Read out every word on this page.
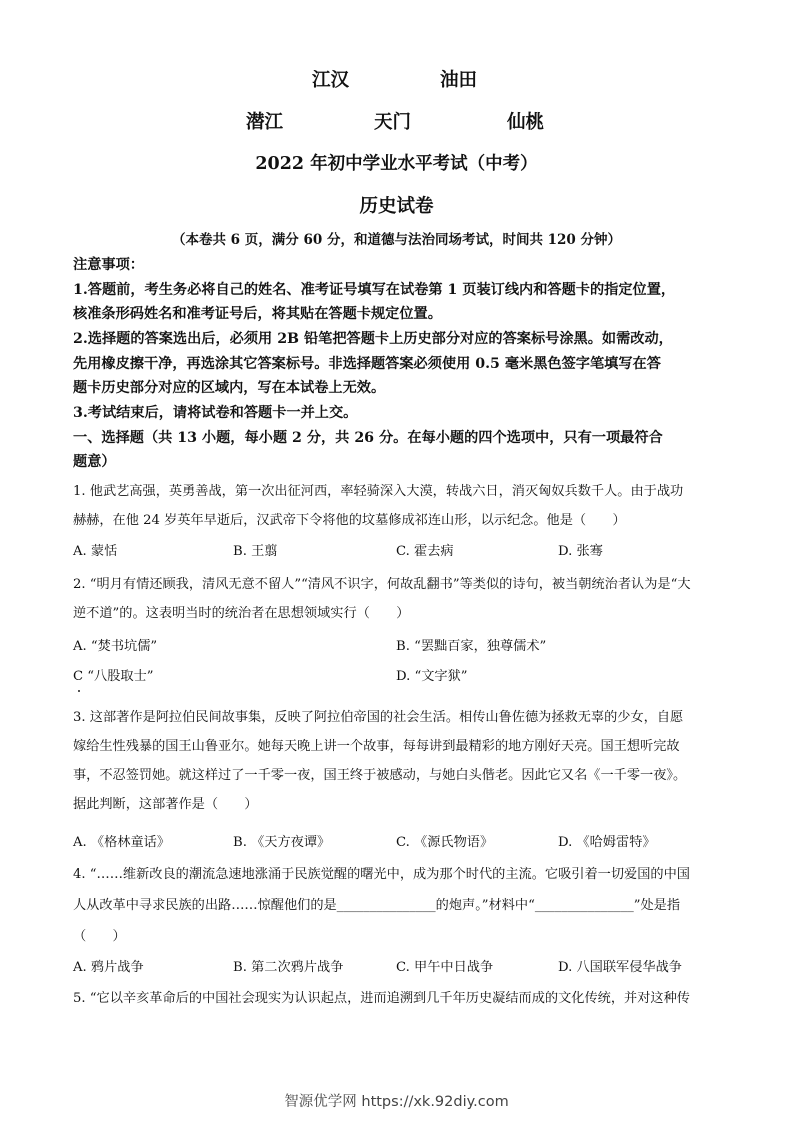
江汉	油田
潜江	天门	仙桃
2022 年初中学业水平考试（中考）
历史试卷
（本卷共 6 页，满分 60 分，和道德与法治同场考试，时间共 120 分钟）
注意事项：
1.答题前，考生务必将自己的姓名、准考证号填写在试卷第 1 页装订线内和答题卡的指定位置，
核准条形码姓名和准考证号后，将其贴在答题卡规定位置。
2.选择题的答案选出后，必须用 2B 铅笔把答题卡上历史部分对应的答案标号涂黑。如需改动，
先用橡皮擦干净，再选涂其它答案标号。非选择题答案必须使用 0.5 毫米黑色签字笔填写在答
题卡历史部分对应的区域内，写在本试卷上无效。
3.考试结束后，请将试卷和答题卡一并上交。
一、选择题（共 13 小题，每小题 2 分，共 26 分。在每小题的四个选项中，只有一项最符合
题意）
1. 他武艺高强，英勇善战，第一次出征河西，率轻骑深入大漠，转战六日，消灭匈奴兵数千人。由于战功
赫赫，在他 24 岁英年早逝后，汉武帝下令将他的坟墓修成祁连山形，以示纪念。他是（　　）
A. 蒙恬	B. 王翦	C. 霍去病	D. 张骞
2. “明月有情还顾我，清风无意不留人”“清风不识字，何故乱翻书”等类似的诗句，被当朝统治者认为是“大
逆不道”的。这表明当时的统治者在思想领域实行（　　）
A. “焚书坑儒”	B. “罢黜百家，独尊儒术”
C “八股取士”	D. “文字狱”
3. 这部著作是阿拉伯民间故事集，反映了阿拉伯帝国的社会生活。相传山鲁佐德为拯救无辜的少女，自愿
嫁给生性残暴的国王山鲁亚尔。她每天晚上讲一个故事，每每讲到最精彩的地方刚好天亮。国王想听完故
事，不忍签罚她。就这样过了一千零一夜，国王终于被感动，与她白头偕老。因此它又名《一千零一夜》。
据此判断，这部著作是（　　）
A. 《格林童话》	B. 《天方夜谭》	C. 《源氏物语》	D. 《哈姆雷特》
4. “……维新改良的潮流急速地涨涌于民族觉醒的曙光中，成为那个时代的主流。它吸引着一切爱国的中国
人从改革中寻求民族的出路……惊醒他们的是_______________的炮声。”材料中“_______________”处是指
（　　）
A. 鸦片战争	B. 第二次鸦片战争	C. 甲午中日战争	D. 八国联军侵华战争
5. “它以辛亥革命后的中国社会现实为认识起点，进而追溯到几千年历史凝结而成的文化传统，并对这种传
智源优学网 https://xk.92diy.com
